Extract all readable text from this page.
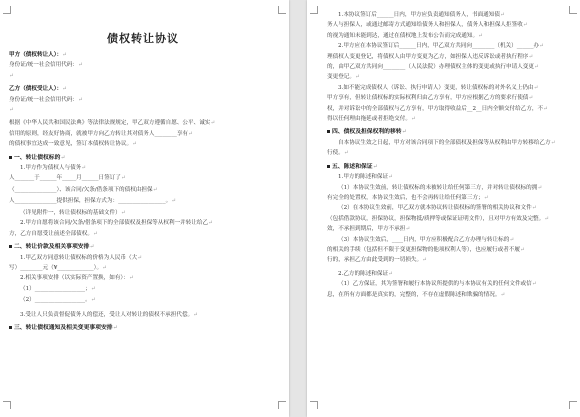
债权转让协议
甲方（债权转让人）：↵
身份证/统一社会信用代码：↵
↵
乙方（债权受让人）：↵
身份证/统一社会信用代码：↵
↵
根据《中华人民共和国民法典》等法律法规规定，甲乙双方遵循自愿、公平、诚实↵
信用的原则，经友好协商，就被甲方向乙方转让其对债务人________享有↵
的债权事宜达成一致意见，签订本债权转让协议。↵
一、转让债权标的↵
1.甲方作为债权人与债务↵
人_______于______年_____月______日签订了↵
（_______________）、该合同/欠条/借条项下的债权由担保↵
人_______________提供担保，担保方式为：_________________。↵
（详见附件一，转让债权标的基础文件）↵
2.甲方自愿将该合同/欠条/借条项下的全部债权及担保等从权利一并转让给乙↵
方，乙方自愿受让前述全部债权。↵
二、转让价款及相关事项安排↵
1.甲乙双方同意转让债权标的价格为人民币（大↵
写）________元（¥_____________）。↵
2.相关事项安排（以实际资产置换，如有）：↵
（1）__________________；↵
（2）__________________。↵
3.受让人只负责督促债务人的偿还，受让人对转让的债权不承担代偿。↵
三、转让债权通知及相关变更事项安排↵
1.本协议签订后______日内，甲方应负责通知债务人，书面通知债↵
务人与担保人，或通过邮寄方式通知给债务人和担保人，债务人和担保人拒签收↵
的视为通知未能到达，通过在债权地上发布公告而完成通知。↵
2.甲方应在本协议签订后______日内，甲乙双方共同向________（机关）______办↵
理债权人变更登记，将债权人由甲方变更为乙方，如担保人违反诉讼或者执行程序↵
的，由甲乙双方共同向________（人民法院）办理债权主体的变更或执行申请人变更↵
变更登记。↵
3.如不能完成债权人（诉讼、执行申请人）变更，转让债权标的对外名义上仍由↵
甲方享有，但转让债权标的实际权利归由乙方享有，甲方应根据乙方的要求行使债↵
权，并对诉讼中的全部债权与乙方享有，甲方取得收益后__2__日内全额交付给乙方，不↵
得以任何理由拖延或者拒绝交付。↵
四、债权及担保权利的移转↵
自本协议生效之日起，甲方对该合同项下的全部债权及担保等从权利由甲方转移给乙方↵
行使。↵
五、陈述和保证↵
1.甲方的陈述和保证↵
（1）本协议生效前，转让债权标的未被转让给任何第三方，并对转让债权标的拥↵
有完全的处置权，本协议生效后，也不会再转让给任何第三方；↵
（2）在本协议生效前，甲乙双方就本协议转让债权标的签署的相关协议和文件↵
（包括借款协议，担保协议，担保物抵/质押等或保证证明文件），且对甲方有效及完整。↵
效，不承担到期后，甲方不承担↵
（3）本协议生效后，____日内，甲方应积极配合乙方办理与转让标的↵
的相关的手续（包括但不限于变更担保物的他项权利人等），也应履行或者不履↵
行的，承担乙方由此受到的一切损失。↵
2.乙方的陈述和保证↵
（1）乙方保证，其为签署和履行本协议所提供的与本协议有关的任何文件或信↵
息，在所有方面都是真实的，完整的，不存在虚假陈述和欺骗的情况。↵
